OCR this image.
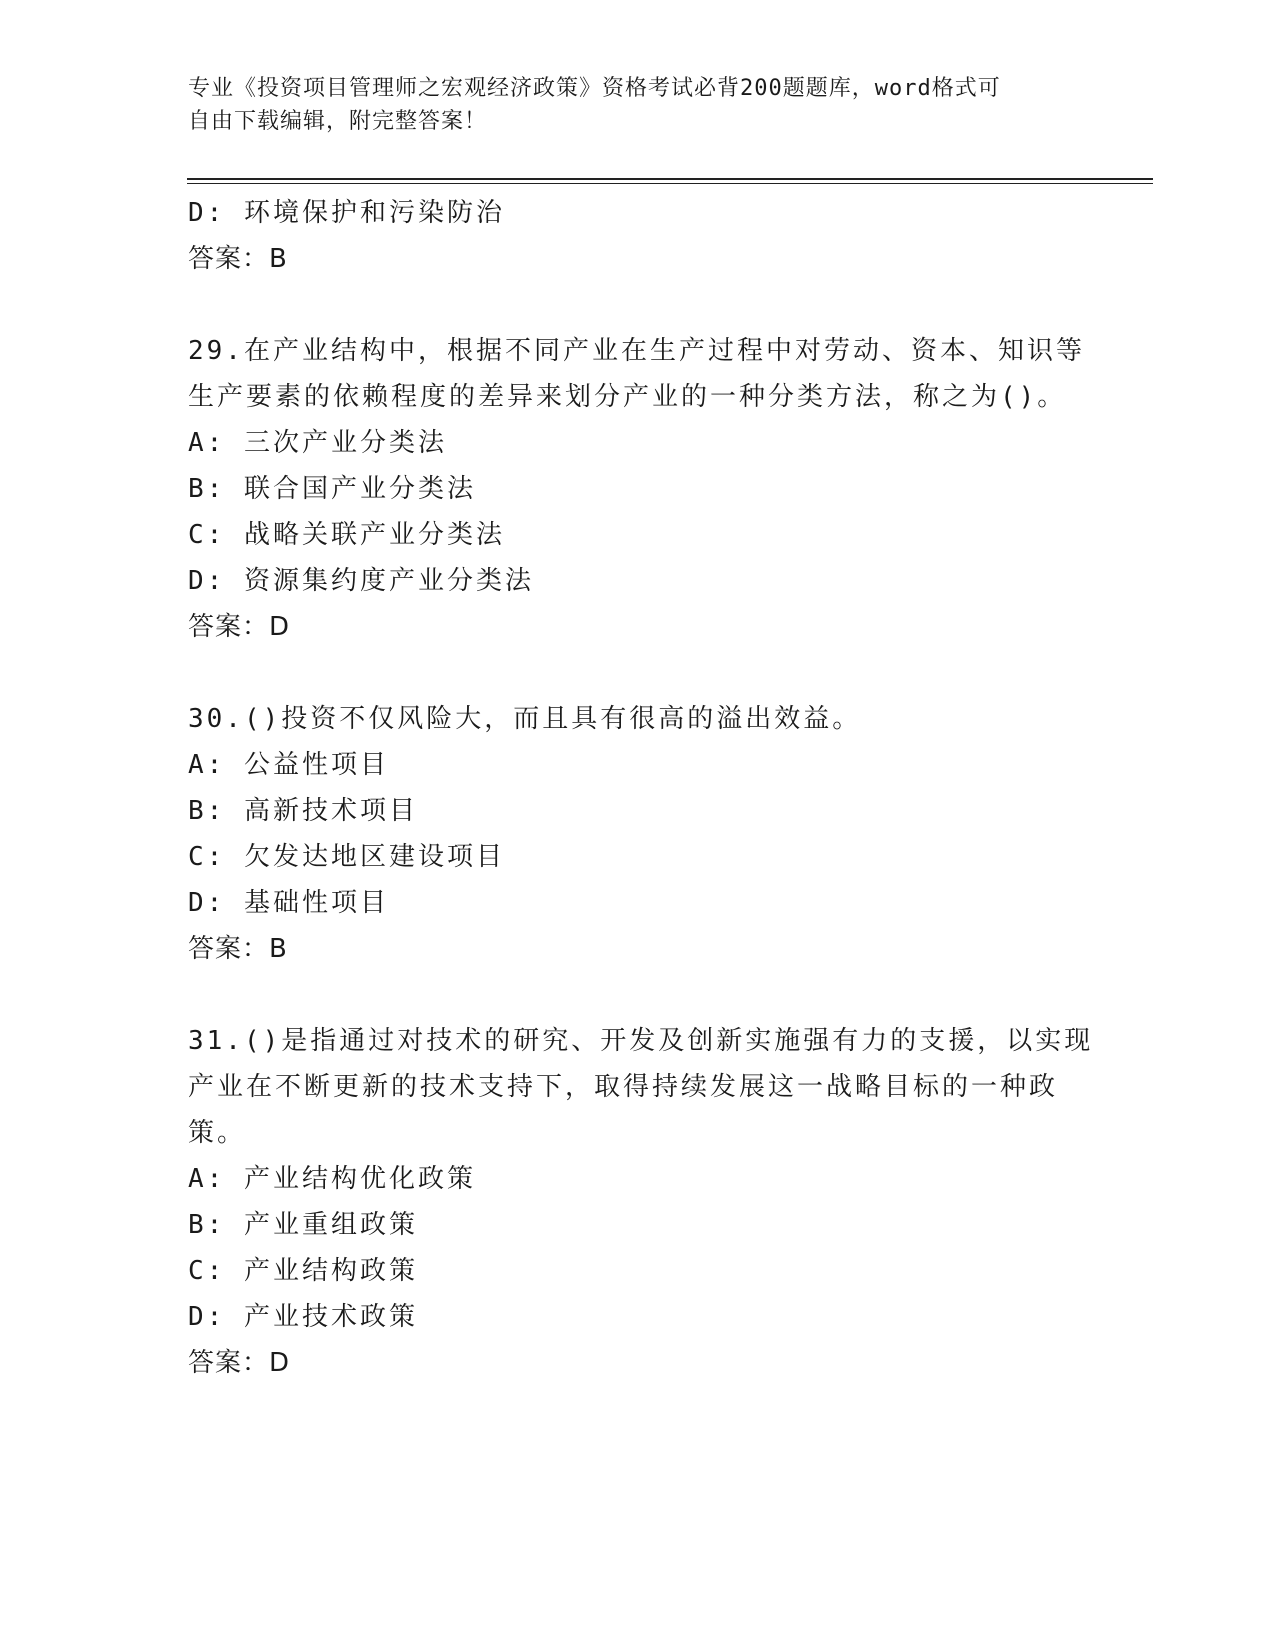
专业《投资项目管理师之宏观经济政策》资格考试必背200题题库，word格式可
自由下载编辑，附完整答案！
D: 环境保护和污染防治
答案：B
29.在产业结构中，根据不同产业在生产过程中对劳动、资本、知识等
生产要素的依赖程度的差异来划分产业的一种分类方法，称之为()。
A: 三次产业分类法
B: 联合国产业分类法
C: 战略关联产业分类法
D: 资源集约度产业分类法
答案：D
30.()投资不仅风险大，而且具有很高的溢出效益。
A: 公益性项目
B: 高新技术项目
C: 欠发达地区建设项目
D: 基础性项目
答案：B
31.()是指通过对技术的研究、开发及创新实施强有力的支援，以实现
产业在不断更新的技术支持下，取得持续发展这一战略目标的一种政
策。
A: 产业结构优化政策
B: 产业重组政策
C: 产业结构政策
D: 产业技术政策
答案：D
